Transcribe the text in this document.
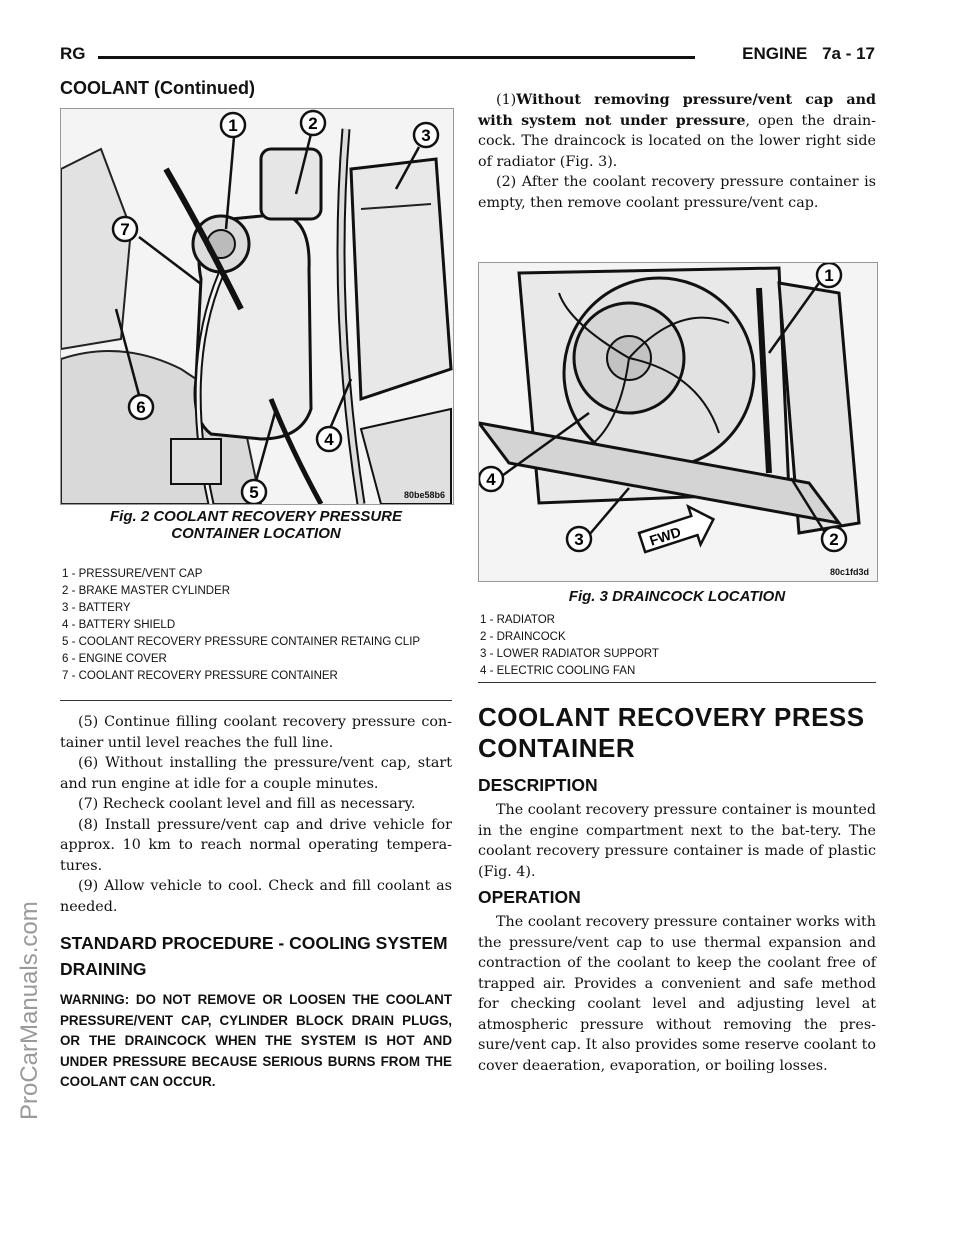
RG	ENGINE 7a - 17
COOLANT (Continued)
ProCarManuals.com
1	2
3
4
5
6
7
80be58b6
Fig. 2 COOLANT RECOVERY PRESSURE
CONTAINER LOCATION
1 - PRESSURE/VENT CAP
2 - BRAKE MASTER CYLINDER
3 - BATTERY
4 - BATTERY SHIELD
5 - COOLANT RECOVERY PRESSURE CONTAINER RETAING CLIP
6 - ENGINE COVER
7 - COOLANT RECOVERY PRESSURE CONTAINER

(5) Continue filling coolant recovery pressure con-tainer until level reaches the full line.

(6) Without installing the pressure/vent cap, start and run engine at idle for a couple minutes.

(7) Recheck coolant level and fill as necessary.

(8) Install pressure/vent cap and drive vehicle for approx. 10 km to reach normal operating tempera-tures.

(9) Allow vehicle to cool. Check and fill coolant as needed.

STANDARD PROCEDURE - COOLING SYSTEM DRAINING
WARNING: DO NOT REMOVE OR LOOSEN THE COOLANT PRESSURE/VENT CAP, CYLINDER BLOCK DRAIN PLUGS, OR THE DRAINCOCK WHEN THE SYSTEM IS HOT AND UNDER PRESSURE BECAUSE SERIOUS BURNS FROM THE COOLANT CAN OCCUR.

(1)Without removing pressure/vent cap and with system not under pressure, open the drain-cock. The draincock is located on the lower right side of radiator (Fig. 3).

(2) After the coolant recovery pressure container is empty, then remove coolant pressure/vent cap.

FWD
1
2
3
4
80c1fd3d
Fig. 3 DRAINCOCK LOCATION
1 - RADIATOR
2 - DRAINCOCK
3 - LOWER RADIATOR SUPPORT
4 - ELECTRIC COOLING FAN
COOLANT RECOVERY PRESS CONTAINER
DESCRIPTION

The coolant recovery pressure container is mounted in the engine compartment next to the bat-tery. The coolant recovery pressure container is made of plastic (Fig. 4).

OPERATION

The coolant recovery pressure container works with the pressure/vent cap to use thermal expansion and contraction of the coolant to keep the coolant free of trapped air. Provides a convenient and safe method for checking coolant level and adjusting level at atmospheric pressure without removing the pres-sure/vent cap. It also provides some reserve coolant to cover deaeration, evaporation, or boiling losses.
